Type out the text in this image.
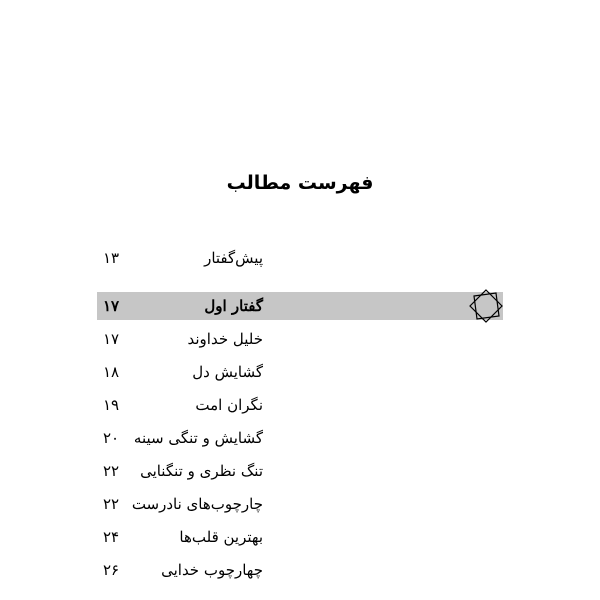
فهرست مطالب
۱۳	پیش‌گفتار
۱۷	گفتار اول
۱۷	خلیل خداوند
۱۸	گشایش دل
۱۹	نگران امت
۲۰ گشایش و تنگی سینه
۲۲ تنگ نظری و تنگنایی
۲۲ چارچوب‌های نادرست
۲۴	بهترین قلب‌ها
۲۶	چهارچوب خدایی
